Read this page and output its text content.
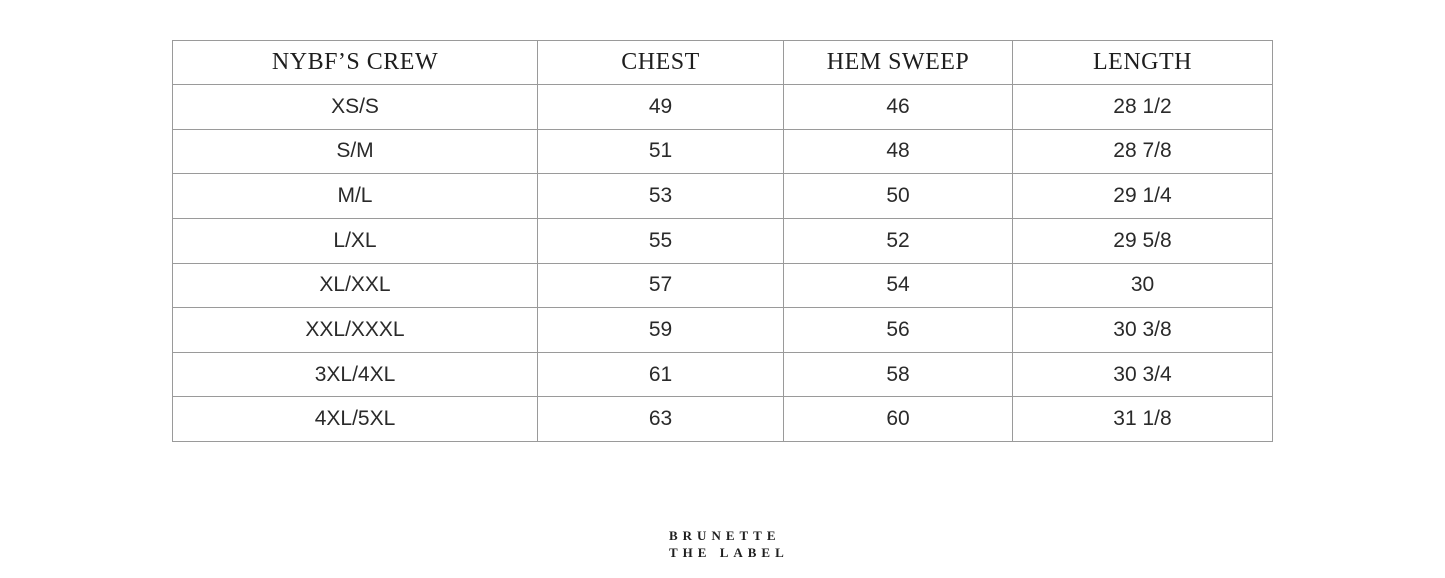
NYBF’S CREW	CHEST	HEM SWEEP	LENGTH
XS/S	49	46	28 1/2
S/M	51	48	28 7/8
M/L	53	50	29 1/4
L/XL	55	52	29 5/8
XL/XXL	57	54	30
XXL/XXXL	59	56	30 3/8
3XL/4XL	61	58	30 3/4
4XL/5XL	63	60	31 1/8
BRUNETTE
THE LABEL
